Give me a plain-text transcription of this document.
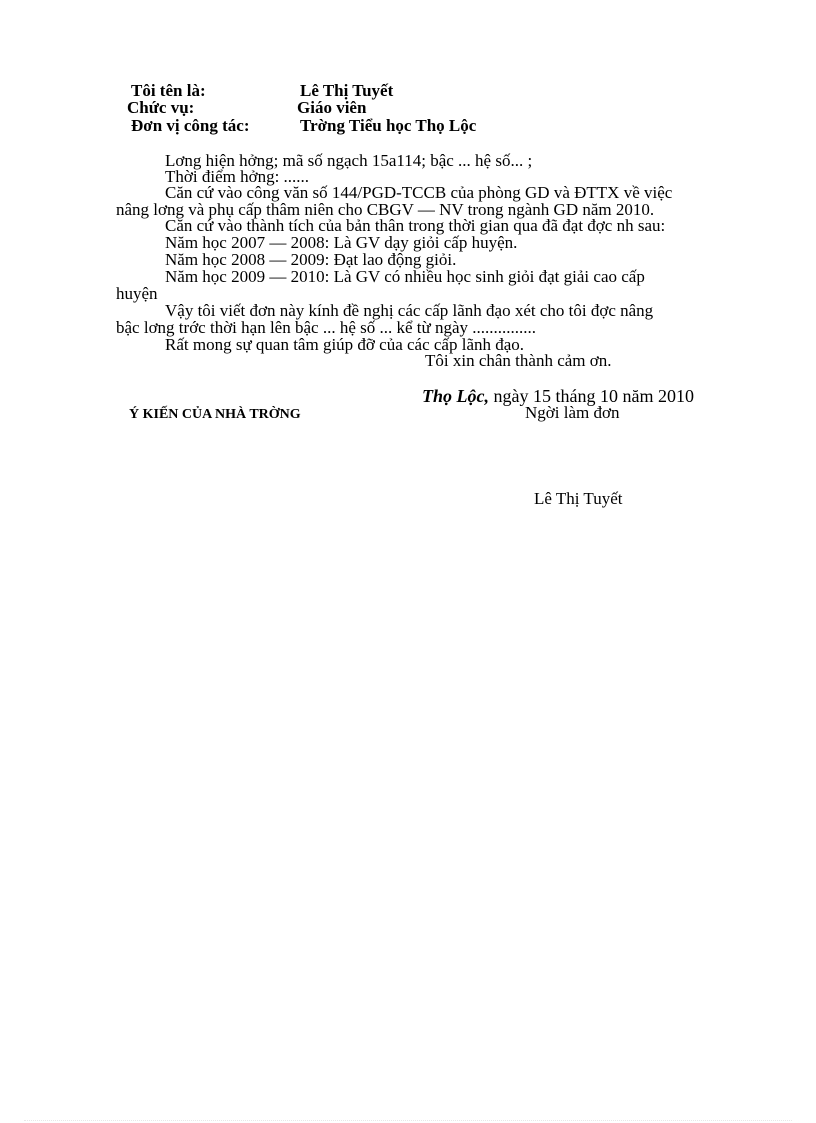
Tôi tên là:	Lê Thị Tuyết
Chức vụ:	Giáo viên
Đơn vị công tác:	Trờng Tiểu học Thọ Lộc
Lơng hiện hởng; mã số ngạch 15a114; bậc ... hệ số... ;
Thời điểm hởng: ......
Căn cứ vào công văn số 144/PGD-TCCB của phòng GD và ĐTTX về việc
nâng lơng và phụ cấp thâm niên cho CBGV — NV trong ngành GD năm 2010.
Căn cứ vào thành tích của bản thân trong thời gian qua đã đạt đợc nh sau:
Năm học 2007 — 2008: Là GV dạy giỏi cấp huyện.
Năm học 2008 — 2009: Đạt lao động giỏi.
Năm học 2009 — 2010: Là GV có nhiều học sinh giỏi đạt giải cao cấp
huyện
Vậy tôi viết đơn này kính đề nghị các cấp lãnh đạo xét cho tôi đợc nâng
bậc lơng trớc thời hạn lên bậc ... hệ số ... kể từ ngày ...............
Rất mong sự quan tâm giúp đỡ của các cấp lãnh đạo.
Tôi xin chân thành cảm ơn.
Thọ Lộc, ngày 15 tháng 10 năm 2010
Ý KIẾN CỦA NHÀ TRỜNG	Ngời làm đơn
Lê Thị Tuyết
